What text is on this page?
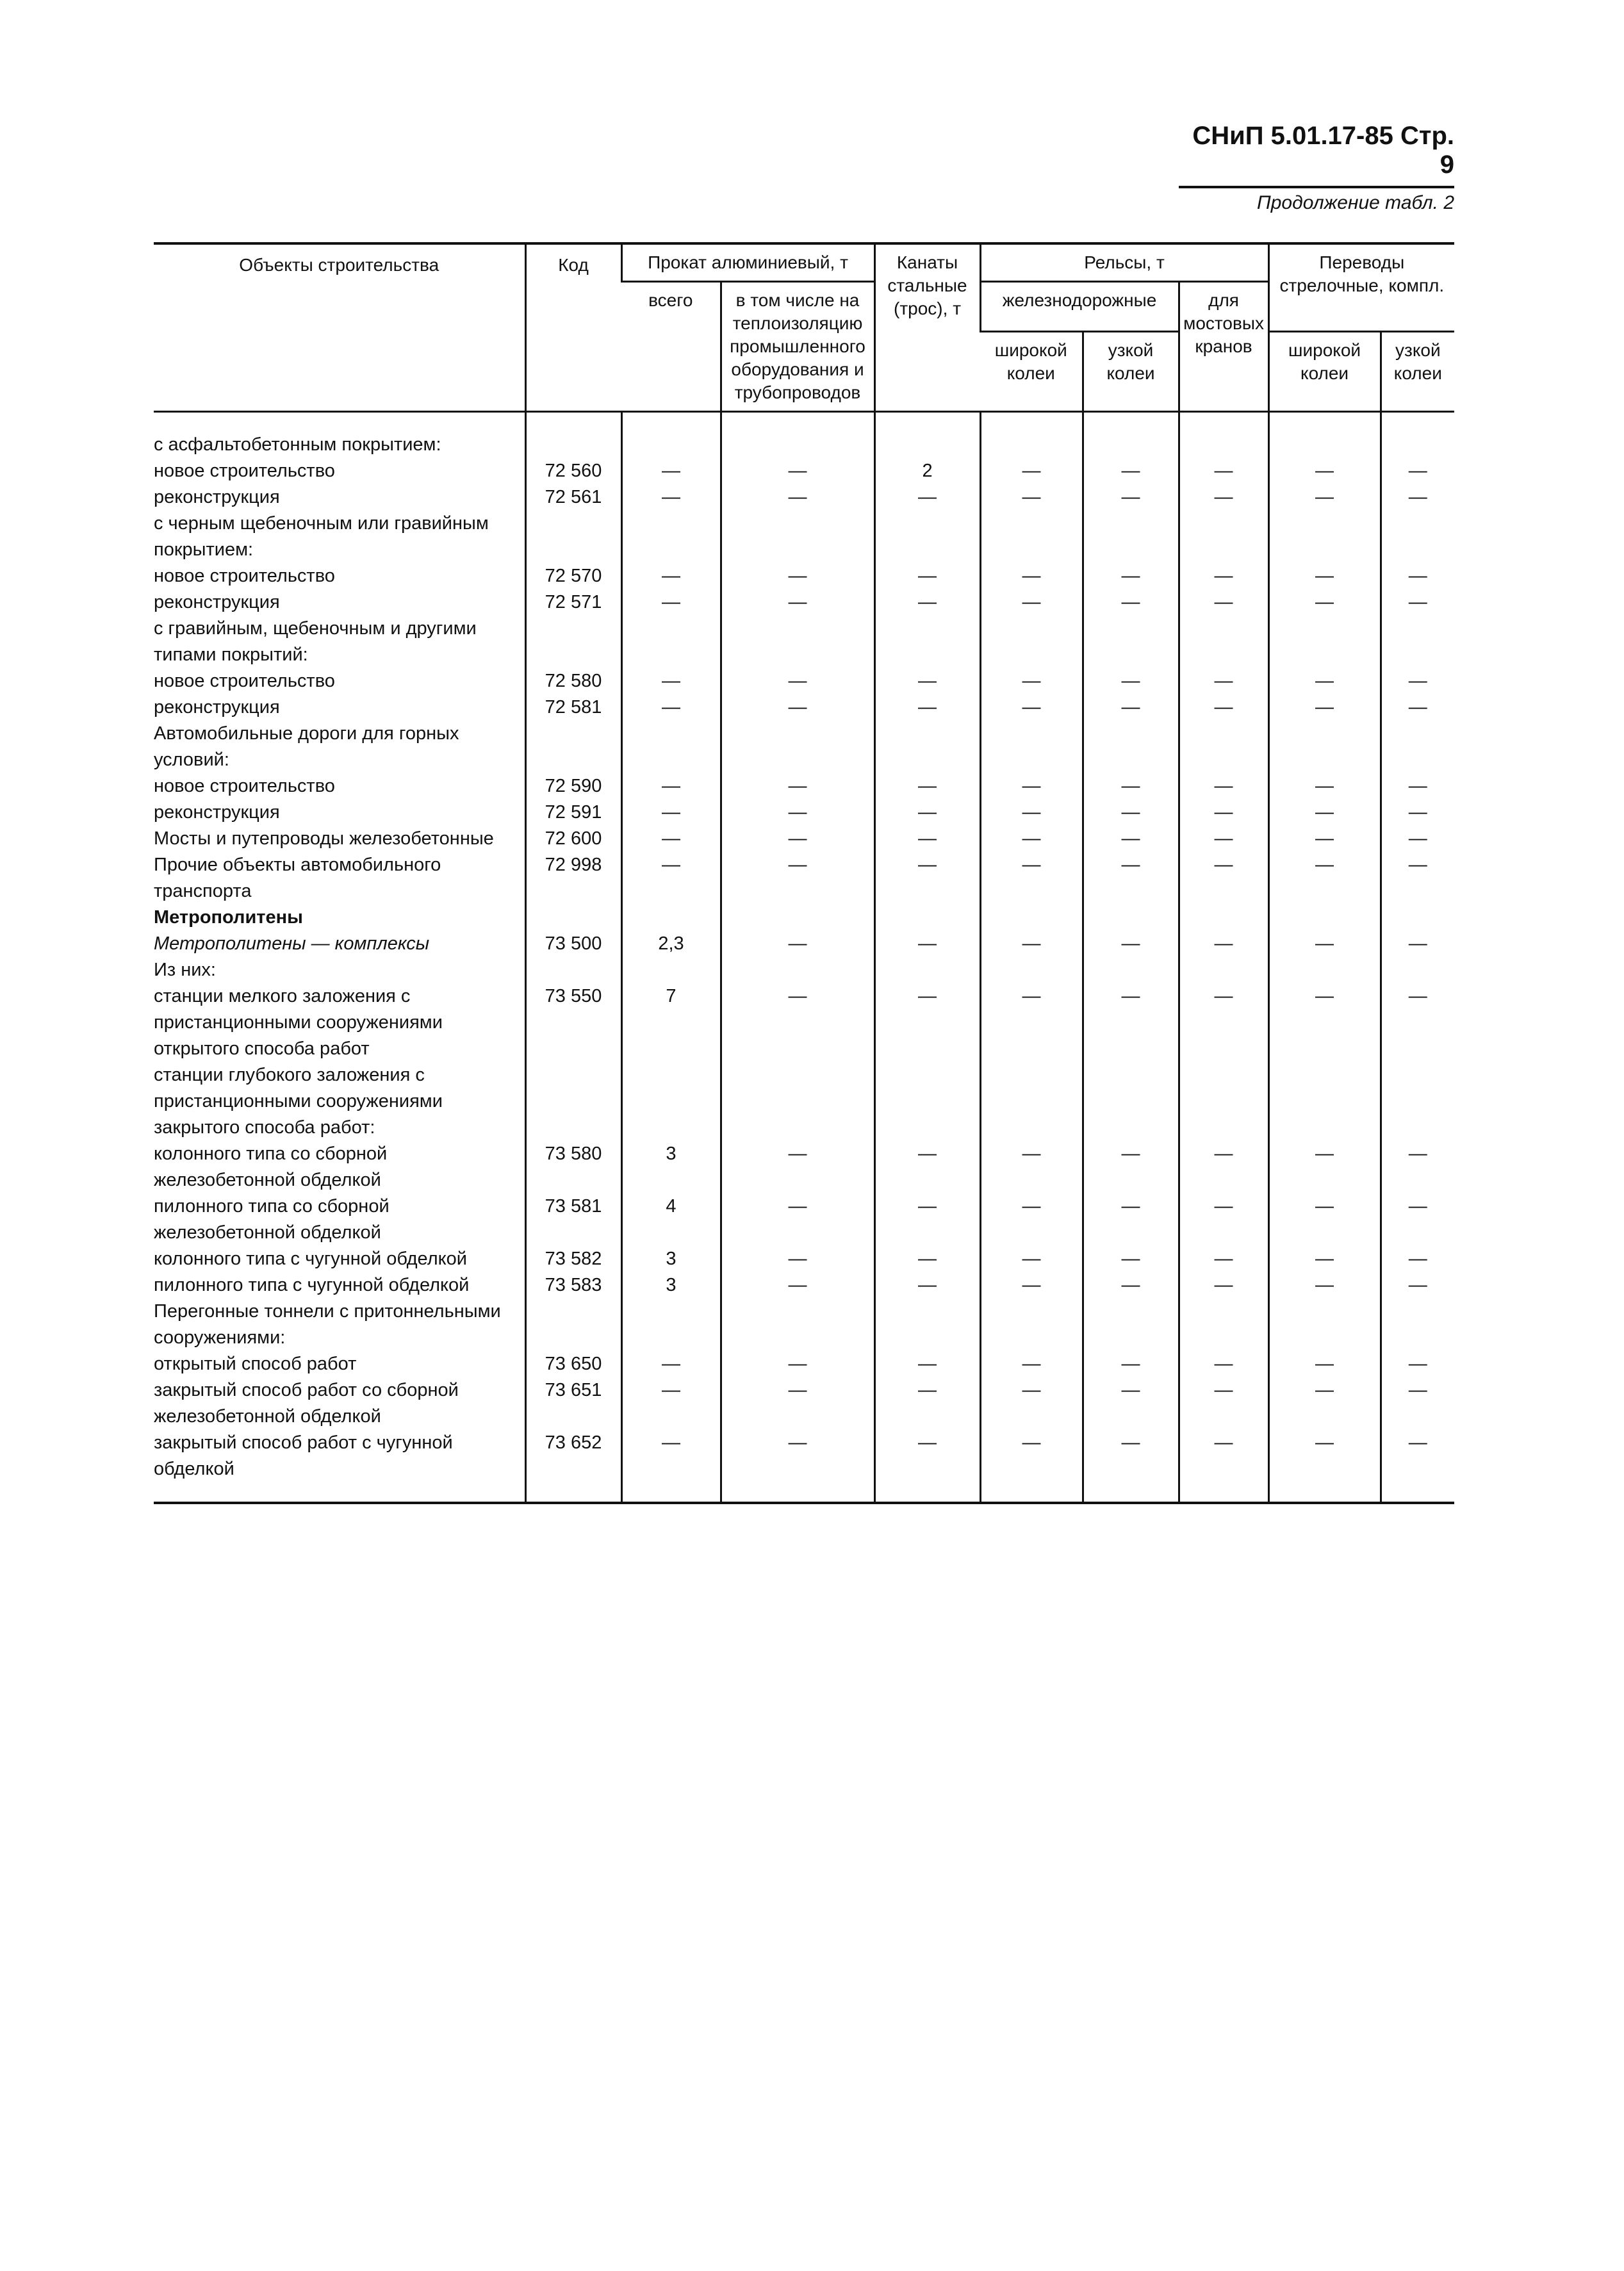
СНиП 5.01.17-85 Стр. 9
Продолжение табл. 2
Объекты строительства	Код	Прокат алюминиевый, т		Канаты стальные (трос), т	Рельсы, т			Переводы стрелочные, компл.	
		всего	в том числе на теплоизоляцию промышленного оборудования и трубопроводов		железнодорожные		для мостовых кранов		
					широкой колеи	узкой колеи		широкой колеи	узкой колеи
с асфальтобетонным покрытием:									
новое строительство	72 560	—	—	2	—	—	—	—	—
реконструкция	72 561	—	—	—	—	—	—	—	—
с черным щебеночным или гравийным покрытием:									
новое строительство	72 570	—	—	—	—	—	—	—	—
реконструкция	72 571	—	—	—	—	—	—	—	—
с гравийным, щебеночным и другими типами покрытий:									
новое строительство	72 580	—	—	—	—	—	—	—	—
реконструкция	72 581	—	—	—	—	—	—	—	—
Автомобильные дороги для горных условий:									
новое строительство	72 590	—	—	—	—	—	—	—	—
реконструкция	72 591	—	—	—	—	—	—	—	—
Мосты и путепроводы железобетонные	72 600	—	—	—	—	—	—	—	—
Прочие объекты автомобильного транспорта	72 998	—	—	—	—	—	—	—	—
Метрополитены									
Метрополитены — комплексы	73 500	2,3	—	—	—	—	—	—	—
Из них:									
станции мелкого заложения с пристанционными сооружениями открытого способа работ	73 550	7	—	—	—	—	—	—	—
станции глубокого заложения с пристанционными сооружениями закрытого способа работ:									
колонного типа со сборной железобетонной обделкой	73 580	3	—	—	—	—	—	—	—
пилонного типа со сборной железобетонной обделкой	73 581	4	—	—	—	—	—	—	—
колонного типа с чугунной обделкой	73 582	3	—	—	—	—	—	—	—
пилонного типа с чугунной обделкой	73 583	3	—	—	—	—	—	—	—
Перегонные тоннели с притоннельными сооружениями:									
открытый способ работ	73 650	—	—	—	—	—	—	—	—
закрытый способ работ со сборной железобетонной обделкой	73 651	—	—	—	—	—	—	—	—
закрытый способ работ с чугунной обделкой	73 652	—	—	—	—	—	—	—	—
